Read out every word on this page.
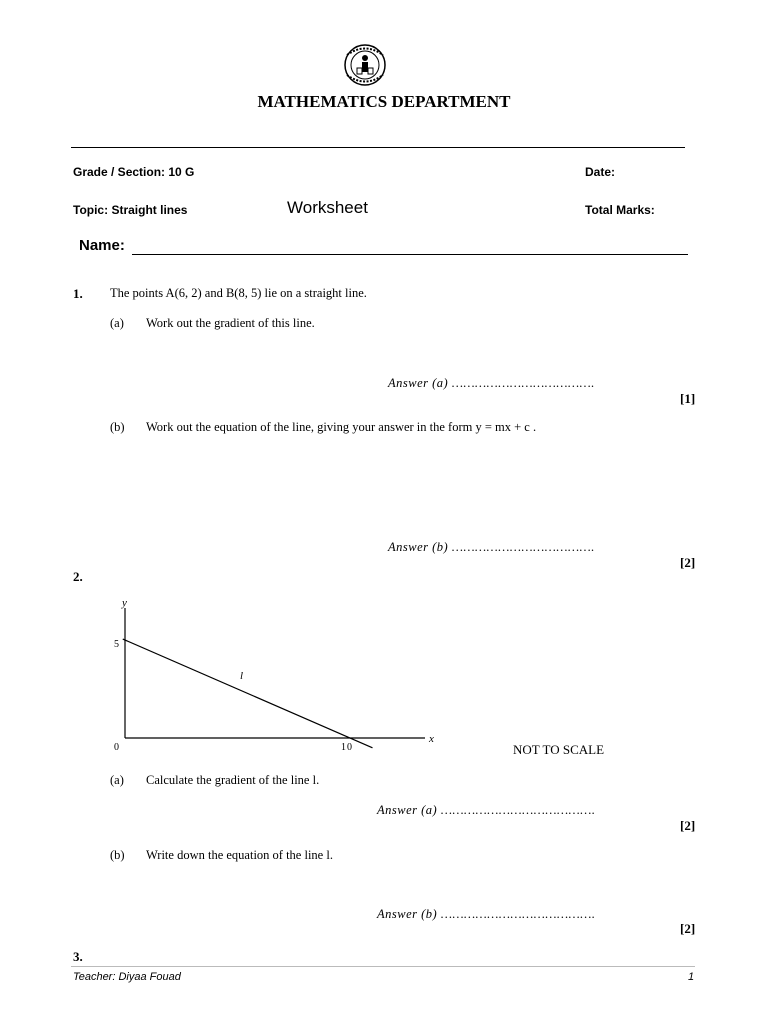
MATHEMATICS DEPARTMENT
Grade / Section: 10 G	Date:
Topic: Straight lines	Worksheet	Total Marks:
Name:
1. The points A(6, 2) and B(8, 5) lie on a straight line.
(a) Work out the gradient of this line.
Answer (a) ……………………………….
[1]
(b) Work out the equation of the line, giving your answer in the form y = mx + c .
Answer (b) ……………………………….
[2]
2.
y
x
0
5
10
l
NOT TO SCALE
(a) Calculate the gradient of the line l.
Answer (a) ………………………………….
[2]
(b) Write down the equation of the line l.
Answer (b) ………………………………….
[2]
3.
Teacher: Diyaa Fouad	1
